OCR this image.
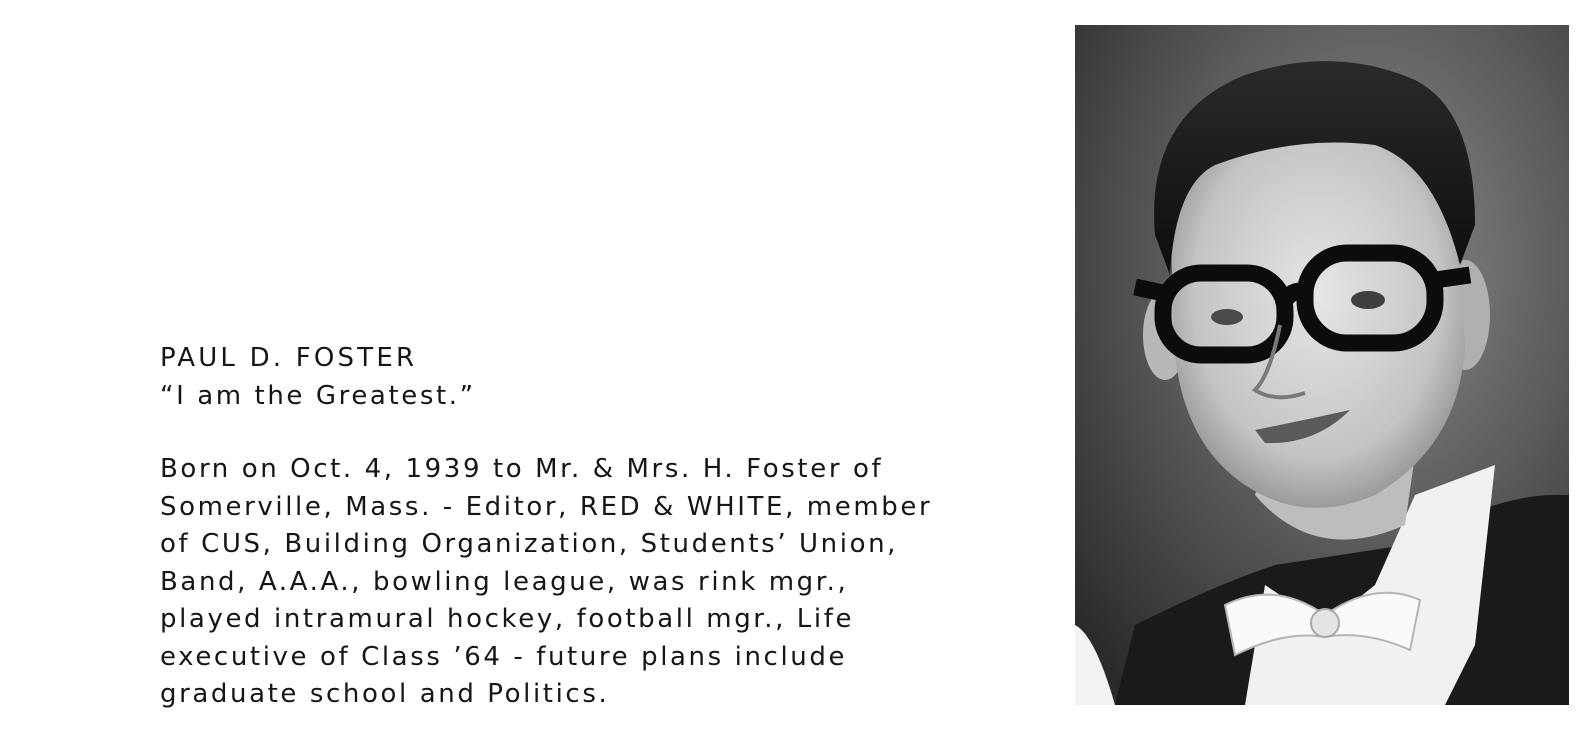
PAUL D. FOSTER
“I am the Greatest.”
Born on Oct. 4, 1939 to Mr. & Mrs. H. Foster of
Somerville, Mass. - Editor, RED & WHITE, member
of CUS, Building Organization, Students’ Union,
Band, A.A.A., bowling league, was rink mgr.,
played intramural hockey, football mgr., Life
executive of Class ’64 - future plans include
graduate school and Politics.
